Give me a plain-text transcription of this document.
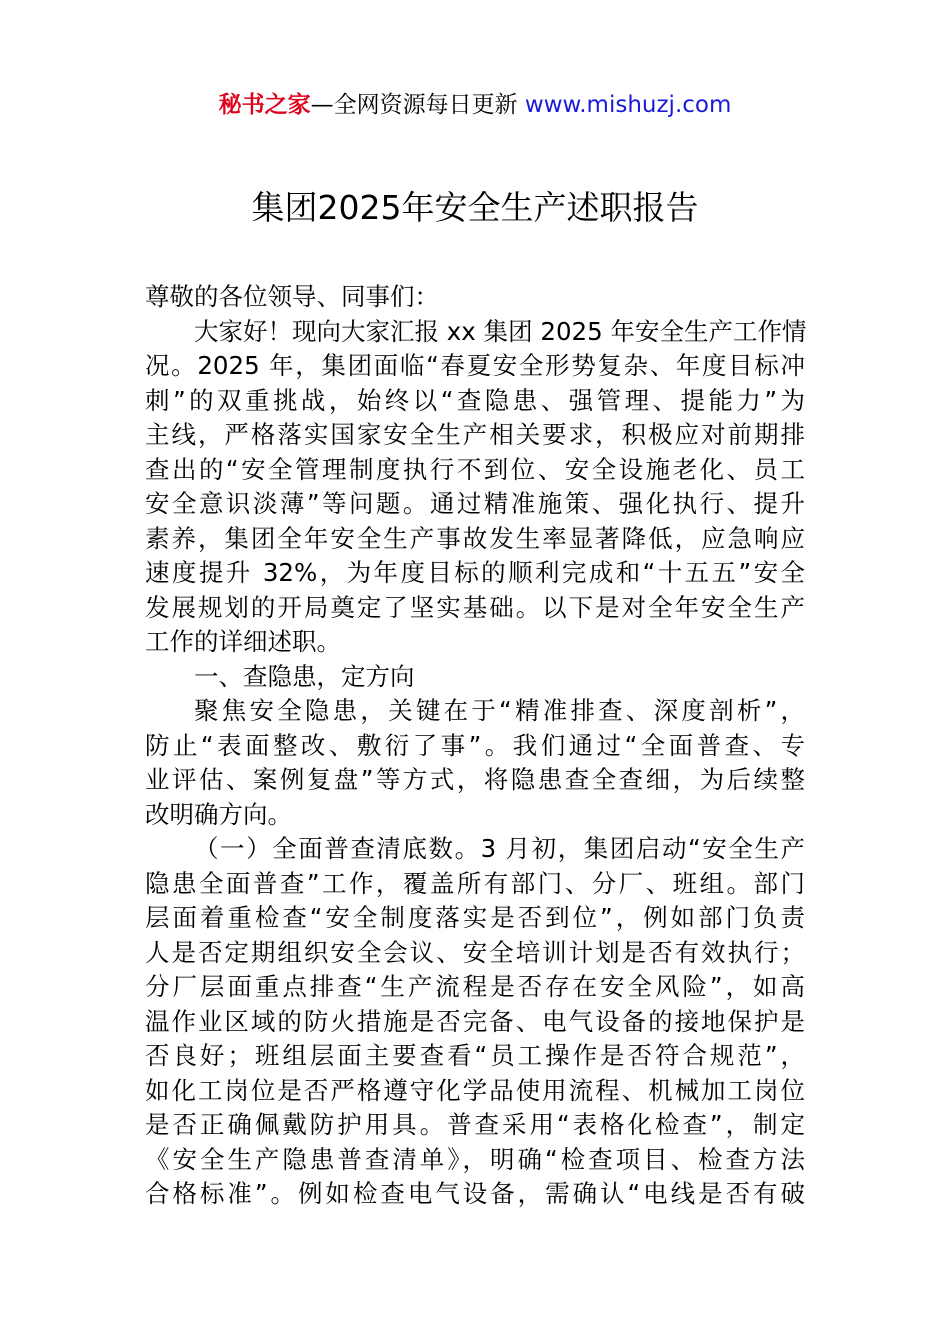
秘书之家—全网资源每日更新 www.mishuzj.com
集团2025年安全生产述职报告
尊敬的各位领导、同事们：
大家好！现向大家汇报 xx 集团 2025 年安全生产工作情
况。2025 年，集团面临“春夏安全形势复杂、年度目标冲
刺”的双重挑战，始终以“查隐患、强管理、提能力”为
主线，严格落实国家安全生产相关要求，积极应对前期排
查出的“安全管理制度执行不到位、安全设施老化、员工
安全意识淡薄”等问题。通过精准施策、强化执行、提升
素养，集团全年安全生产事故发生率显著降低，应急响应
速度提升 32%，为年度目标的顺利完成和“十五五”安全
发展规划的开局奠定了坚实基础。以下是对全年安全生产
工作的详细述职。
一、查隐患，定方向
聚焦安全隐患，关键在于“精准排查、深度剖析”，
防止“表面整改、敷衍了事”。我们通过“全面普查、专
业评估、案例复盘”等方式，将隐患查全查细，为后续整
改明确方向。
（一）全面普查清底数。3 月初，集团启动“安全生产
隐患全面普查”工作，覆盖所有部门、分厂、班组。部门
层面着重检查“安全制度落实是否到位”，例如部门负责
人是否定期组织安全会议、安全培训计划是否有效执行；
分厂层面重点排查“生产流程是否存在安全风险”，如高
温作业区域的防火措施是否完备、电气设备的接地保护是
否良好；班组层面主要查看“员工操作是否符合规范”，
如化工岗位是否严格遵守化学品使用流程、机械加工岗位
是否正确佩戴防护用具。普查采用“表格化检查”，制定
《安全生产隐患普查清单》，明确“检查项目、检查方法
合格标准”。例如检查电气设备，需确认“电线是否有破
